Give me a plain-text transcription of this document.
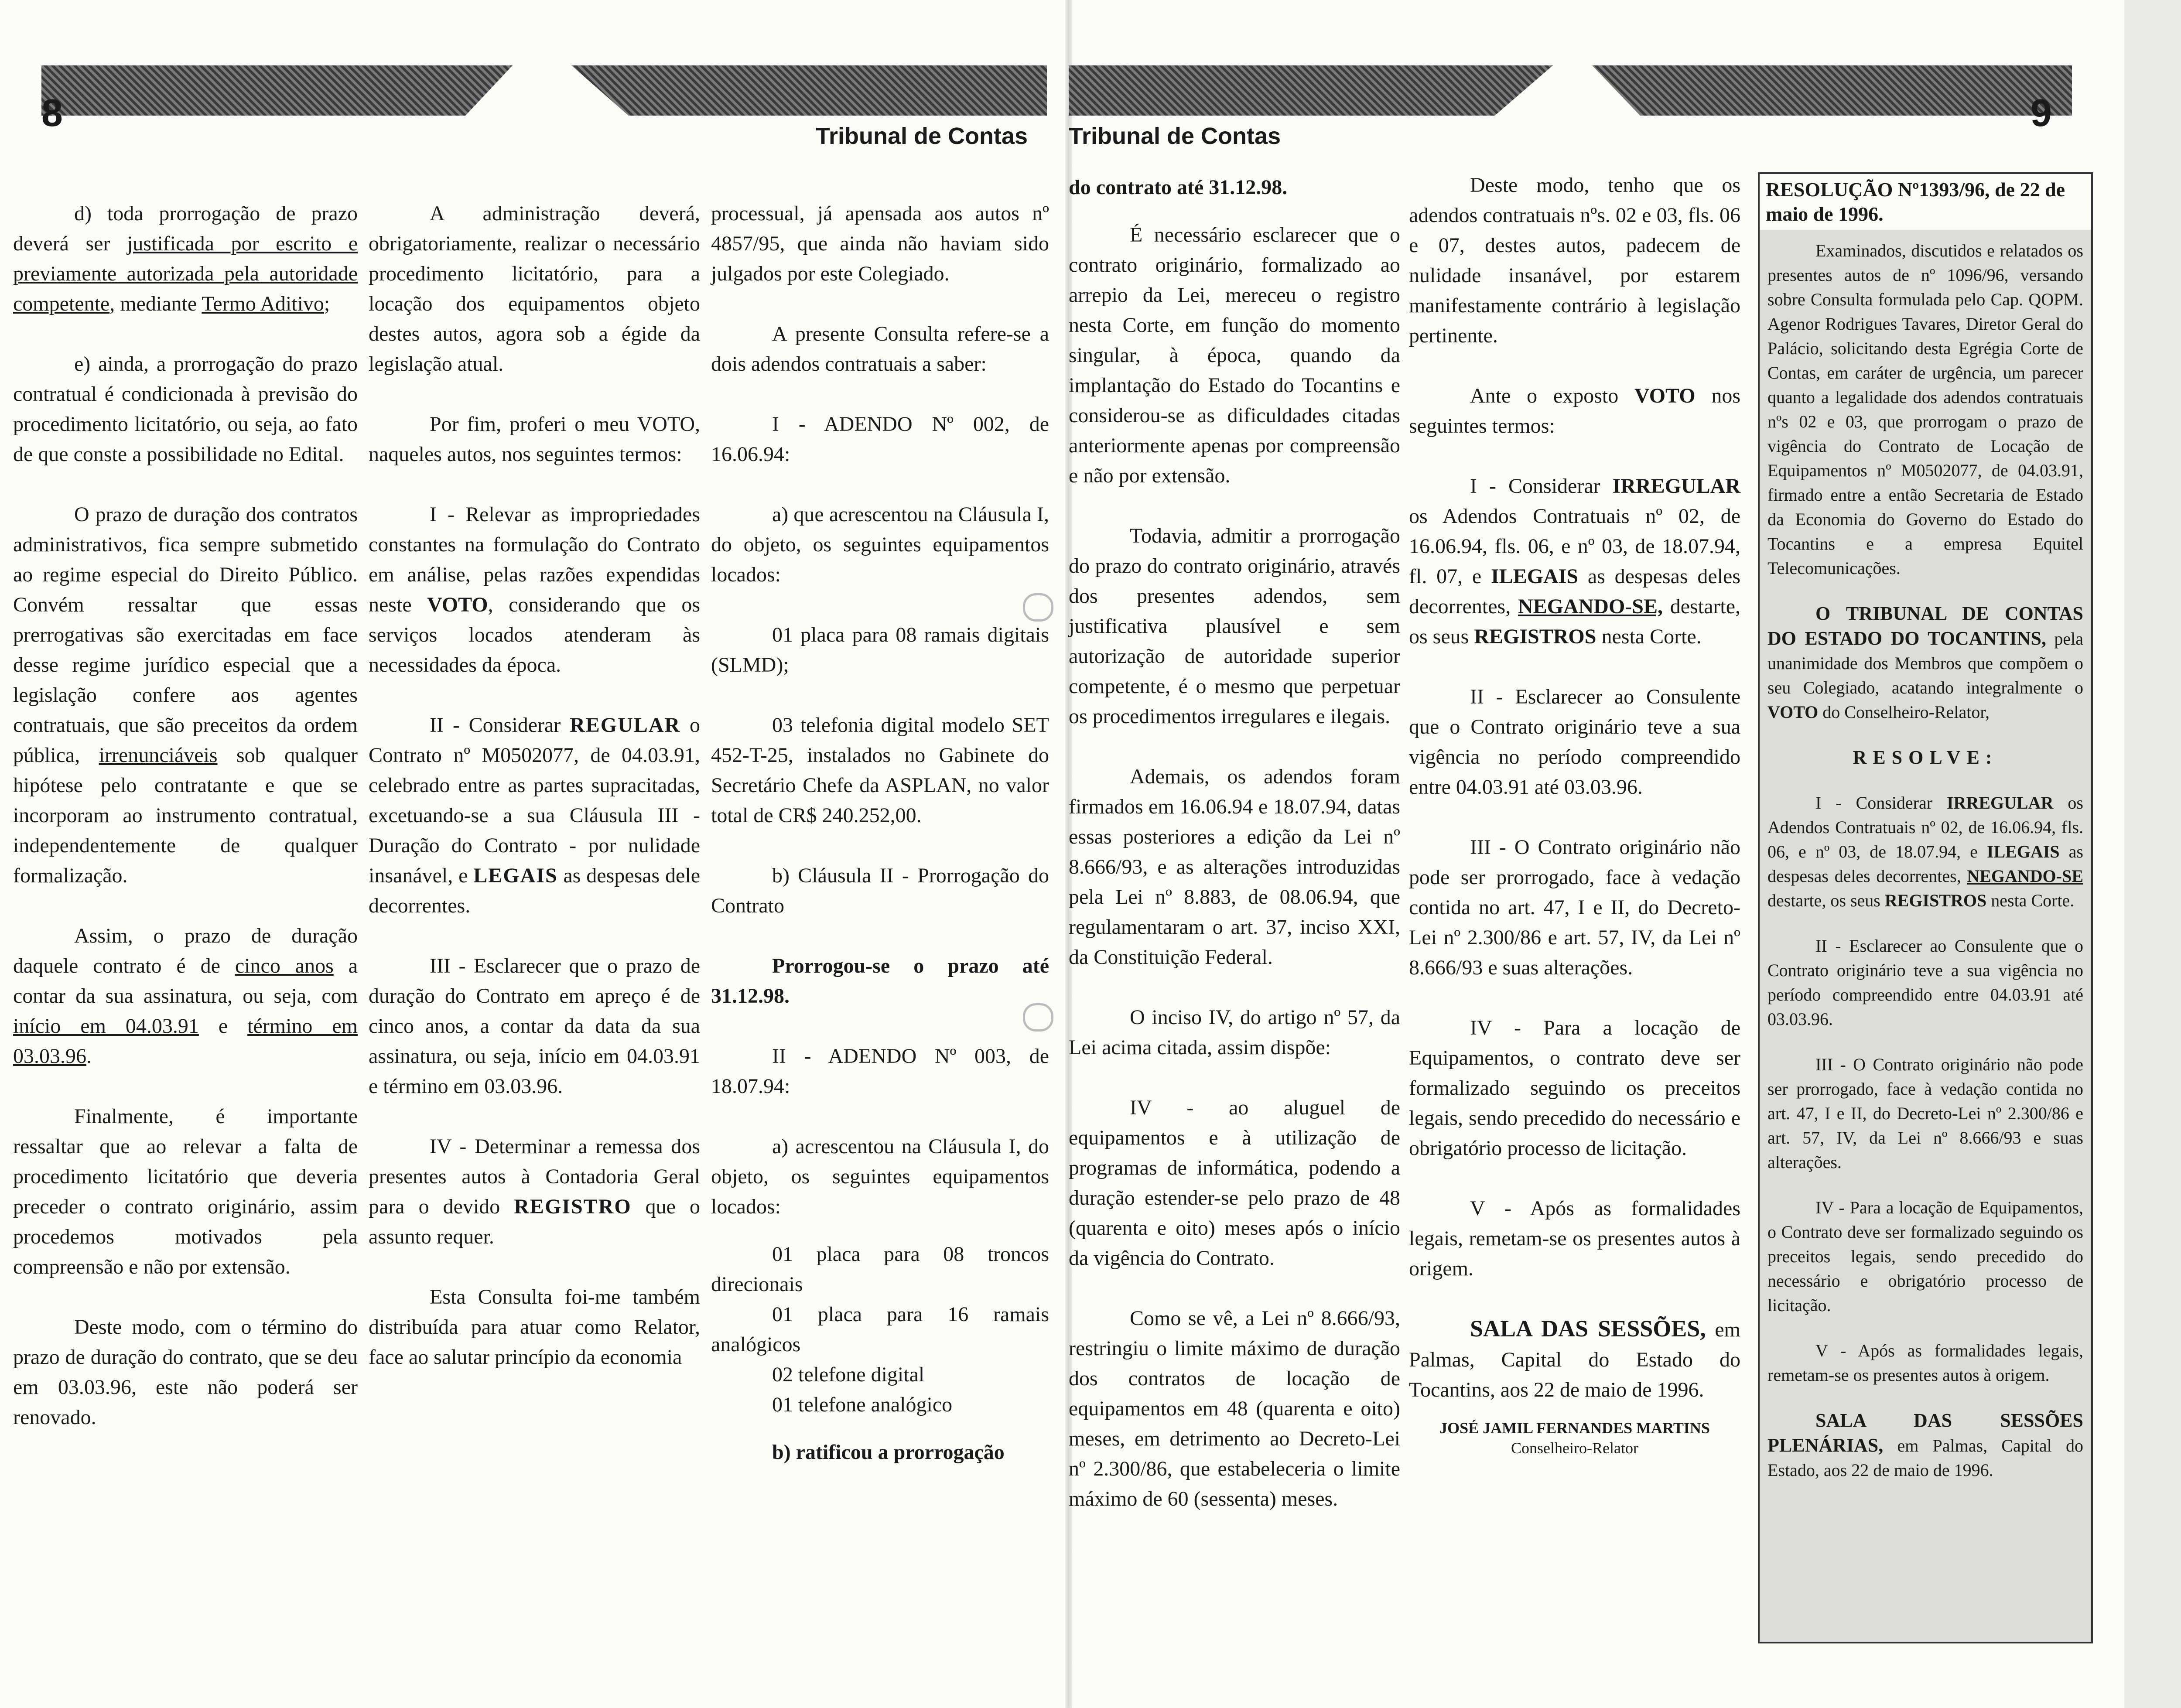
8	9
Tribunal de Contas Tribunal de Contas

d) toda prorrogação de prazo deverá ser justificada por escrito e previamente autorizada pela autoridade competente, mediante Termo Aditivo;

e) ainda, a prorrogação do prazo contratual é condicionada à previsão do procedimento licitatório, ou seja, ao fato de que conste a possibilidade no Edital.

O prazo de duração dos contratos administrativos, fica sempre submetido ao regime especial do Direito Público. Convém ressaltar que essas prerrogativas são exercitadas em face desse regime jurídico especial que a legislação confere aos agentes contratuais, que são preceitos da ordem pública, irrenunciáveis sob qualquer hipótese pelo contratante e que se incorporam ao instrumento contratual, independentemente de qualquer formalização.

Assim, o prazo de duração daquele contrato é de cinco anos a contar da sua assinatura, ou seja, com início em 04.03.91 e término em 03.03.96.

Finalmente, é importante ressaltar que ao relevar a falta de procedimento licitatório que deveria preceder o contrato originário, assim procedemos motivados pela compreensão e não por extensão.

Deste modo, com o término do prazo de duração do contrato, que se deu em 03.03.96, este não poderá ser renovado.

A administração deverá, obrigatoriamente, realizar o necessário procedimento licitatório, para a locação dos equipamentos objeto destes autos, agora sob a égide da legislação atual.

Por fim, proferi o meu VOTO, naqueles autos, nos seguintes termos:

I - Relevar as impropriedades constantes na formulação do Contrato em análise, pelas razões expendidas neste VOTO, considerando que os serviços locados atenderam às necessidades da época.

II - Considerar REGULAR o Contrato nº M0502077, de 04.03.91, celebrado entre as partes supracitadas, excetuando-se a sua Cláusula III - Duração do Contrato - por nulidade insanável, e LEGAIS as despesas dele decorrentes.

III - Esclarecer que o prazo de duração do Contrato em apreço é de cinco anos, a contar da data da sua assinatura, ou seja, início em 04.03.91 e término em 03.03.96.

IV - Determinar a remessa dos presentes autos à Contadoria Geral para o devido REGISTRO que o assunto requer.

Esta Consulta foi-me também distribuída para atuar como Relator, face ao salutar princípio da economia

processual, já apensada aos autos nº 4857/95, que ainda não haviam sido julgados por este Colegiado.

A presente Consulta refere-se a dois adendos contratuais a saber:

I - ADENDO Nº 002, de 16.06.94:

a) que acrescentou na Cláusula I, do objeto, os seguintes equipamentos locados:

01 placa para 08 ramais digitais (SLMD);

03 telefonia digital modelo SET 452-T-25, instalados no Gabinete do Secretário Chefe da ASPLAN, no valor total de CR$ 240.252,00.

b) Cláusula II - Prorrogação do Contrato

Prorrogou-se o prazo até 31.12.98.

II - ADENDO Nº 003, de 18.07.94:

a) acrescentou na Cláusula I, do objeto, os seguintes equipamentos locados:

01 placa para 08 troncos direcionais

01 placa para 16 ramais analógicos

02 telefone digital

01 telefone analógico

b) ratificou a prorrogação

do contrato até 31.12.98.

É necessário esclarecer que o contrato originário, formalizado ao arrepio da Lei, mereceu o registro nesta Corte, em função do momento singular, à época, quando da implantação do Estado do Tocantins e considerou-se as dificuldades citadas anteriormente apenas por compreensão e não por extensão.

Todavia, admitir a prorrogação do prazo do contrato originário, através dos presentes adendos, sem justificativa plausível e sem autorização de autoridade superior competente, é o mesmo que perpetuar os procedimentos irregulares e ilegais.

Ademais, os adendos foram firmados em 16.06.94 e 18.07.94, datas essas posteriores a edição da Lei nº 8.666/93, e as alterações introduzidas pela Lei nº 8.883, de 08.06.94, que regulamentaram o art. 37, inciso XXI, da Constituição Federal.

O inciso IV, do artigo nº 57, da Lei acima citada, assim dispõe:

IV - ao aluguel de equipamentos e à utilização de programas de informática, podendo a duração estender-se pelo prazo de 48 (quarenta e oito) meses após o início da vigência do Contrato.

Como se vê, a Lei nº 8.666/93, restringiu o limite máximo de duração dos contratos de locação de equipamentos em 48 (quarenta e oito) meses, em detrimento ao Decreto-Lei nº 2.300/86, que estabeleceria o limite máximo de 60 (sessenta) meses.

Deste modo, tenho que os adendos contratuais nºs. 02 e 03, fls. 06 e 07, destes autos, padecem de nulidade insanável, por estarem manifestamente contrário à legislação pertinente.

Ante o exposto VOTO nos seguintes termos:

I - Considerar IRREGULAR os Adendos Contratuais nº 02, de 16.06.94, fls. 06, e nº 03, de 18.07.94, fl. 07, e ILEGAIS as despesas deles decorrentes, NEGANDO-SE, destarte, os seus REGISTROS nesta Corte.

II - Esclarecer ao Consulente que o Contrato originário teve a sua vigência no período compreendido entre 04.03.91 até 03.03.96.

III - O Contrato originário não pode ser prorrogado, face à vedação contida no art. 47, I e II, do Decreto-Lei nº 2.300/86 e art. 57, IV, da Lei nº 8.666/93 e suas alterações.

IV - Para a locação de Equipamentos, o contrato deve ser formalizado seguindo os preceitos legais, sendo precedido do necessário e obrigatório processo de licitação.

V - Após as formalidades legais, remetam-se os presentes autos à origem.

SALA DAS SESSÕES, em Palmas, Capital do Estado do Tocantins, aos 22 de maio de 1996.

JOSÉ JAMIL FERNANDES MARTINS
Conselheiro-Relator
RESOLUÇÃO Nº1393/96, de 22 de maio de 1996.

Examinados, discutidos e relatados os presentes autos de nº 1096/96, versando sobre Consulta formulada pelo Cap. QOPM. Agenor Rodrigues Tavares, Diretor Geral do Palácio, solicitando desta Egrégia Corte de Contas, em caráter de urgência, um parecer quanto a legalidade dos adendos contratuais nºs 02 e 03, que prorrogam o prazo de vigência do Contrato de Locação de Equipamentos nº M0502077, de 04.03.91, firmado entre a então Secretaria de Estado da Economia do Governo do Estado do Tocantins e a empresa Equitel Telecomunicações.

O TRIBUNAL DE CONTAS DO ESTADO DO TOCANTINS, pela unanimidade dos Membros que compõem o seu Colegiado, acatando integralmente o VOTO do Conselheiro-Relator,

RESOLVE:

I - Considerar IRREGULAR os Adendos Contratuais nº 02, de 16.06.94, fls. 06, e nº 03, de 18.07.94, e ILEGAIS as despesas deles decorrentes, NEGANDO-SE destarte, os seus REGISTROS nesta Corte.

II - Esclarecer ao Consulente que o Contrato originário teve a sua vigência no período compreendido entre 04.03.91 até 03.03.96.

III - O Contrato originário não pode ser prorrogado, face à vedação contida no art. 47, I e II, do Decreto-Lei nº 2.300/86 e art. 57, IV, da Lei nº 8.666/93 e suas alterações.

IV - Para a locação de Equipamentos, o Contrato deve ser formalizado seguindo os preceitos legais, sendo precedido do necessário e obrigatório processo de licitação.

V - Após as formalidades legais, remetam-se os presentes autos à origem.

SALA DAS SESSÕES PLENÁRIAS, em Palmas, Capital do Estado, aos 22 de maio de 1996.
